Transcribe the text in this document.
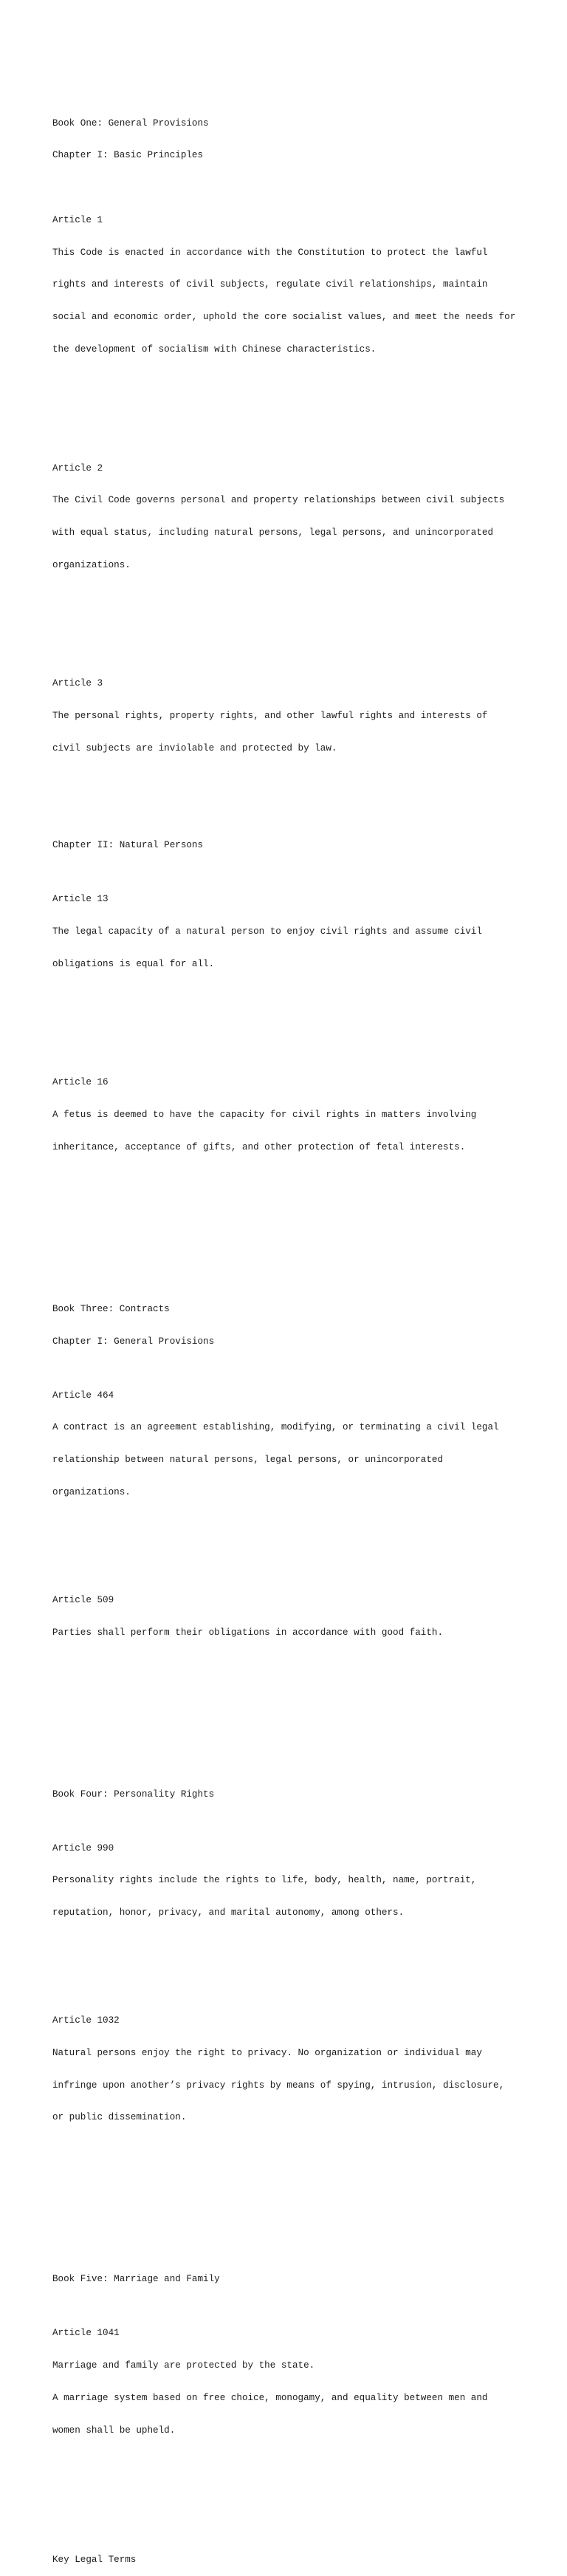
Book One: General Provisions

Chapter I: Basic Principles

Article 1

This Code is enacted in accordance with the Constitution to protect the lawful

rights and interests of civil subjects, regulate civil relationships, maintain

social and economic order, uphold the core socialist values, and meet the needs for

the development of socialism with Chinese characteristics.

Article 2

The Civil Code governs personal and property relationships between civil subjects

with equal status, including natural persons, legal persons, and unincorporated

organizations.

Article 3

The personal rights, property rights, and other lawful rights and interests of

civil subjects are inviolable and protected by law.

Chapter II: Natural Persons

Article 13

The legal capacity of a natural person to enjoy civil rights and assume civil

obligations is equal for all.

Article 16

A fetus is deemed to have the capacity for civil rights in matters involving

inheritance, acceptance of gifts, and other protection of fetal interests.

Book Three: Contracts

Chapter I: General Provisions

Article 464

A contract is an agreement establishing, modifying, or terminating a civil legal

relationship between natural persons, legal persons, or unincorporated

organizations.

Article 509

Parties shall perform their obligations in accordance with good faith.

Book Four: Personality Rights

Article 990

Personality rights include the rights to life, body, health, name, portrait,

reputation, honor, privacy, and marital autonomy, among others.

Article 1032

Natural persons enjoy the right to privacy. No organization or individual may

infringe upon another’s privacy rights by means of spying, intrusion, disclosure,

or public dissemination.

Book Five: Marriage and Family

Article 1041

Marriage and family are protected by the state.

A marriage system based on free choice, monogamy, and equality between men and

women shall be upheld.

Key Legal Terms
